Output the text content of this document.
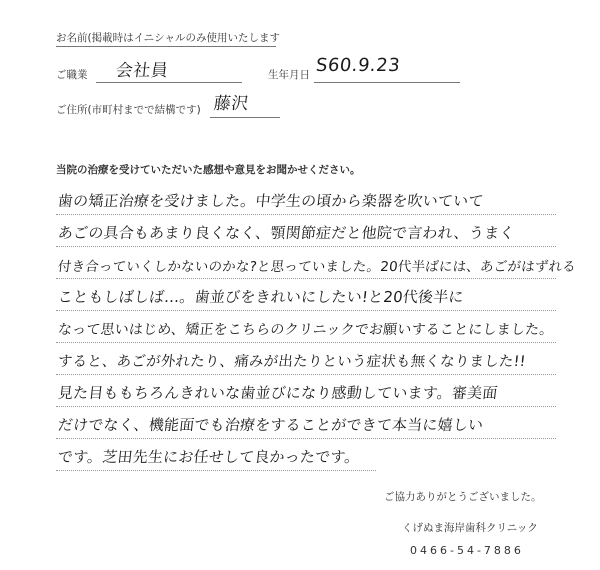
お名前(掲載時はイニシャルのみ使用いたします
ご職業 会社員	生年月日 S60.9.23
ご住所(市町村までで結構です) 藤沢
当院の治療を受けていただいた感想や意見をお聞かせください。
歯の矯正治療を受けました。中学生の頃から楽器を吹いていて
あごの具合もあまり良くなく、顎関節症だと他院で言われ、うまく
付き合っていくしかないのかな?と思っていました。20代半ばには、あごがはずれる
こともしばしば…。歯並びをきれいにしたい!と20代後半に
なって思いはじめ、矯正をこちらのクリニックでお願いすることにしました。
すると、あごが外れたり、痛みが出たりという症状も無くなりました!!
見た目ももちろんきれいな歯並びになり感動しています。審美面
だけでなく、機能面でも治療をすることができて本当に嬉しい
です。芝田先生にお任せして良かったです。
ご協力ありがとうございました。
くげぬま海岸歯科クリニック
0466-54-7886
